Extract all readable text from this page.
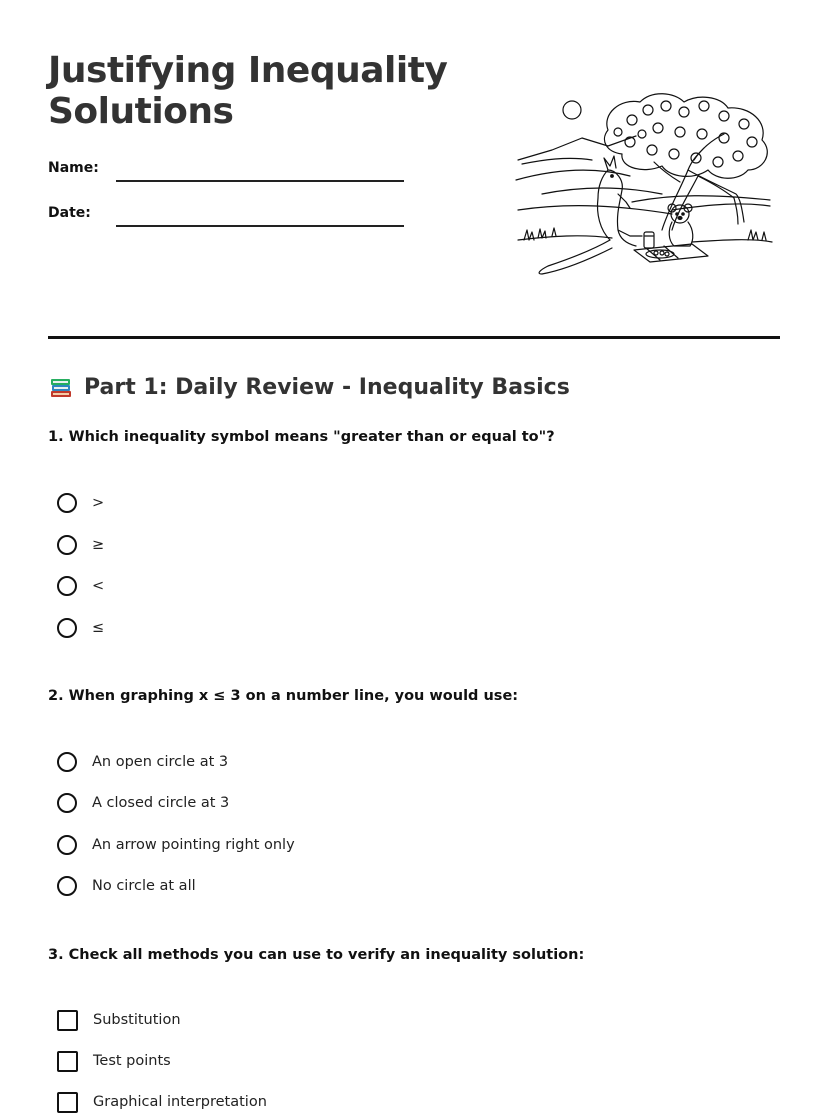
Justifying Inequality Solutions
Name:
Date:
Part 1: Daily Review - Inequality Basics
1. Which inequality symbol means "greater than or equal to"?
>
≥
<
≤
2. When graphing x ≤ 3 on a number line, you would use:
An open circle at 3
A closed circle at 3
An arrow pointing right only
No circle at all
3. Check all methods you can use to verify an inequality solution:
Substitution
Test points
Graphical interpretation
